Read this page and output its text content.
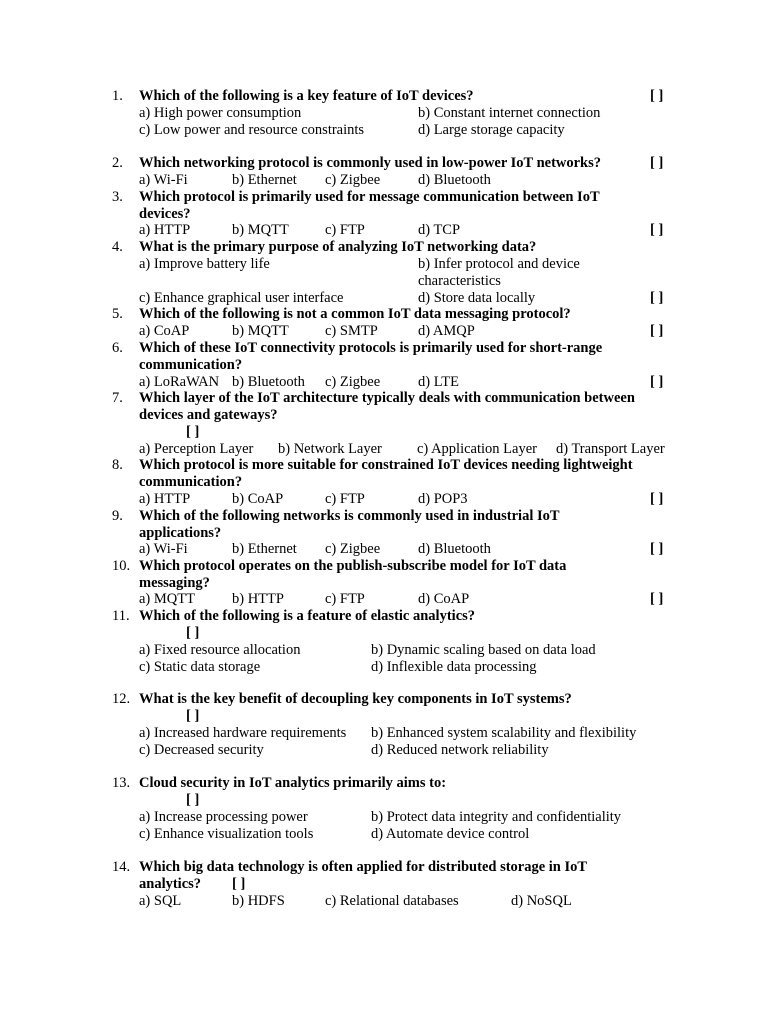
1.	Which of the following is a key feature of IoT devices?	[ ]
a) High power consumption	b) Constant internet connection
c) Low power and resource constraints	d) Large storage capacity
2.	Which networking protocol is commonly used in low-power IoT networks?	[ ]
a) Wi-Fi	b) Ethernet c) Zigbee	d) Bluetooth
3.	Which protocol is primarily used for message communication between IoT devices?
[ ]
a) HTTP	b) MQTT c) FTP	d) TCP
4.	What is the primary purpose of analyzing IoT networking data?
a) Improve battery life	b) Infer protocol and device characteristics
c) Enhance graphical user interface	d) Store data locally	[ ]
5.	Which of the following is not a common IoT data messaging protocol?
a) CoAP	b) MQTT c) SMTP	d) AMQP	[ ]
6.	Which of these IoT connectivity protocols is primarily used for short-range communication?
a) LoRaWAN b) Bluetooth c) Zigbee	d) LTE	[ ]
7.	Which layer of the IoT architecture typically deals with communication between devices and gateways?
[ ]
a) Perception Layer b) Network Layer c) Application Layer d) Transport Layer
8.	Which protocol is more suitable for constrained IoT devices needing lightweight communication?
a) HTTP	b) CoAP	c) FTP	d) POP3	[ ]
9.	Which of the following networks is commonly used in industrial IoT applications?
a) Wi-Fi	b) Ethernet c) Zigbee	d) Bluetooth	[ ]
10. Which protocol operates on the publish-subscribe model for IoT data messaging?
a) MQTT	b) HTTP	c) FTP	d) CoAP	[ ]
11. Which of the following is a feature of elastic analytics?
[ ]
a) Fixed resource allocation	b) Dynamic scaling based on data load
c) Static data storage	d) Inflexible data processing
12. What is the key benefit of decoupling key components in IoT systems?
[ ]
a) Increased hardware requirements b) Enhanced system scalability and flexibility
c) Decreased security	d) Reduced network reliability
13. Cloud security in IoT analytics primarily aims to:
[ ]
a) Increase processing power	b) Protect data integrity and confidentiality
c) Enhance visualization tools	d) Automate device control
14. Which big data technology is often applied for distributed storage in IoT analytics?	[ ]
a) SQL	b) HDFS	c) Relational databases	d) NoSQL
